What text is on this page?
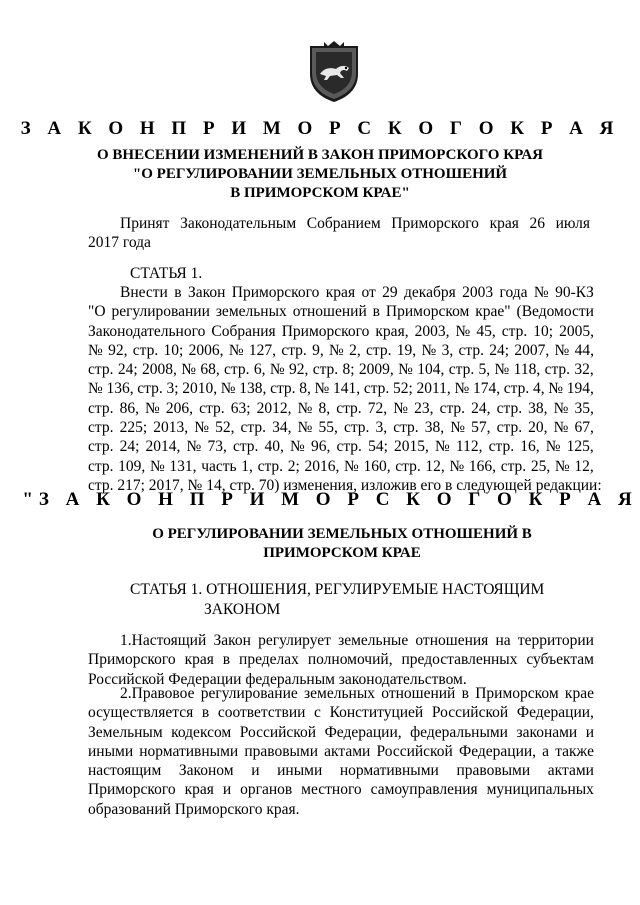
З А К О Н П Р И М О Р С К О Г О К Р А Я
О ВНЕСЕНИИ ИЗМЕНЕНИЙ В ЗАКОН ПРИМОРСКОГО КРАЯ
"О РЕГУЛИРОВАНИИ ЗЕМЕЛЬНЫХ ОТНОШЕНИЙ
В ПРИМОРСКОМ КРАЕ"
Принят Законодательным Собранием Приморского края 26 июля
2017 года
СТАТЬЯ 1.
Внести в Закон Приморского края от 29 декабря 2003 года № 90-КЗ
"О регулировании земельных отношений в Приморском крае" (Ведомости
Законодательного Собрания Приморского края, 2003, № 45, стр. 10; 2005,
№ 92, стр. 10; 2006, № 127, стр. 9, № 2, стр. 19, № 3, стр. 24; 2007, № 44,
стр. 24; 2008, № 68, стр. 6, № 92, стр. 8; 2009, № 104, стр. 5, № 118, стр. 32,
№ 136, стр. 3; 2010, № 138, стр. 8, № 141, стр. 52; 2011, № 174, стр. 4, № 194,
стр. 86, № 206, стр. 63; 2012, № 8, стр. 72, № 23, стр. 24, стр. 38, № 35,
стр. 225; 2013, № 52, стр. 34, № 55, стр. 3, стр. 38, № 57, стр. 20, № 67,
стр. 24; 2014, № 73, стр. 40, № 96, стр. 54; 2015, № 112, стр. 16, № 125,
стр. 109, № 131, часть 1, стр. 2; 2016, № 160, стр. 12, № 166, стр. 25, № 12,
стр. 217; 2017, № 14, стр. 70) изменения, изложив его в следующей редакции:
"З А К О Н П Р И М О Р С К О Г О К Р А Я
О РЕГУЛИРОВАНИИ ЗЕМЕЛЬНЫХ ОТНОШЕНИЙ В
ПРИМОРСКОМ КРАЕ
СТАТЬЯ 1. ОТНОШЕНИЯ, РЕГУЛИРУЕМЫЕ НАСТОЯЩИМ
ЗАКОНОМ
1.Настоящий Закон регулирует земельные отношения на территории
Приморского края в пределах полномочий, предоставленных субъектам
Российской Федерации федеральным законодательством.
2.Правовое регулирование земельных отношений в Приморском крае
осуществляется в соответствии с Конституцией Российской Федерации,
Земельным кодексом Российской Федерации, федеральными законами и
иными нормативными правовыми актами Российской Федерации, а также
настоящим Законом и иными нормативными правовыми актами
Приморского края и органов местного самоуправления муниципальных
образований Приморского края.
